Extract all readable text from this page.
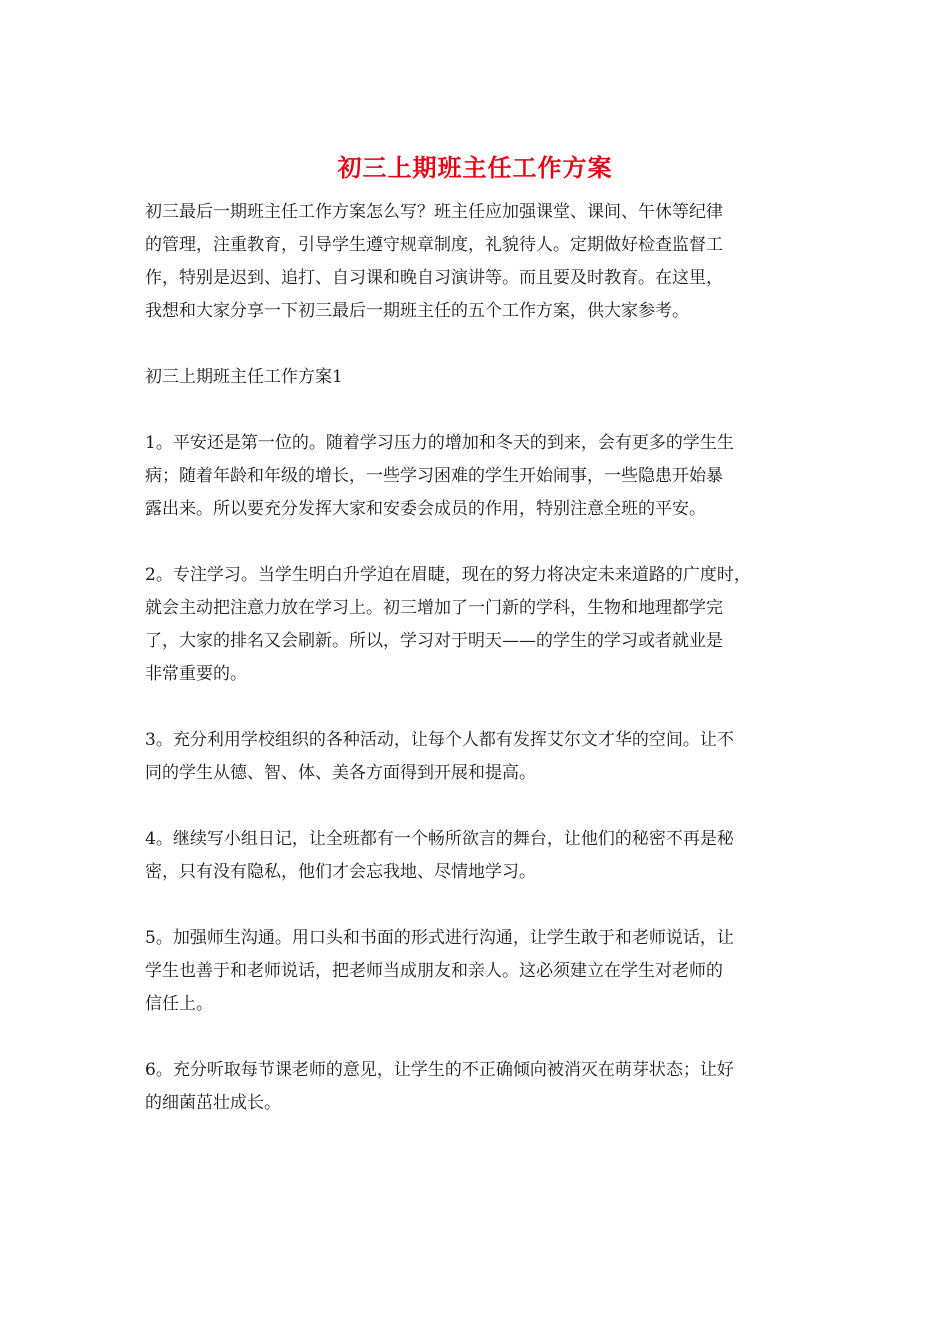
初三上期班主任工作方案
初三最后一期班主任工作方案怎么写？班主任应加强课堂、课间、午休等纪律
的管理，注重教育，引导学生遵守规章制度，礼貌待人。定期做好检查监督工
作，特别是迟到、追打、自习课和晚自习演讲等。而且要及时教育。在这里，
我想和大家分享一下初三最后一期班主任的五个工作方案，供大家参考。
初三上期班主任工作方案1
1。平安还是第一位的。随着学习压力的增加和冬天的到来，会有更多的学生生
病；随着年龄和年级的增长，一些学习困难的学生开始闹事，一些隐患开始暴
露出来。所以要充分发挥大家和安委会成员的作用，特别注意全班的平安。
2。专注学习。当学生明白升学迫在眉睫，现在的努力将决定未来道路的广度时，
就会主动把注意力放在学习上。初三增加了一门新的学科，生物和地理都学完
了，大家的排名又会刷新。所以，学习对于明天——的学生的学习或者就业是
非常重要的。
3。充分利用学校组织的各种活动，让每个人都有发挥艾尔文才华的空间。让不
同的学生从德、智、体、美各方面得到开展和提高。
4。继续写小组日记，让全班都有一个畅所欲言的舞台，让他们的秘密不再是秘
密，只有没有隐私，他们才会忘我地、尽情地学习。
5。加强师生沟通。用口头和书面的形式进行沟通，让学生敢于和老师说话，让
学生也善于和老师说话，把老师当成朋友和亲人。这必须建立在学生对老师的
信任上。
6。充分听取每节课老师的意见，让学生的不正确倾向被消灭在萌芽状态；让好
的细菌茁壮成长。
